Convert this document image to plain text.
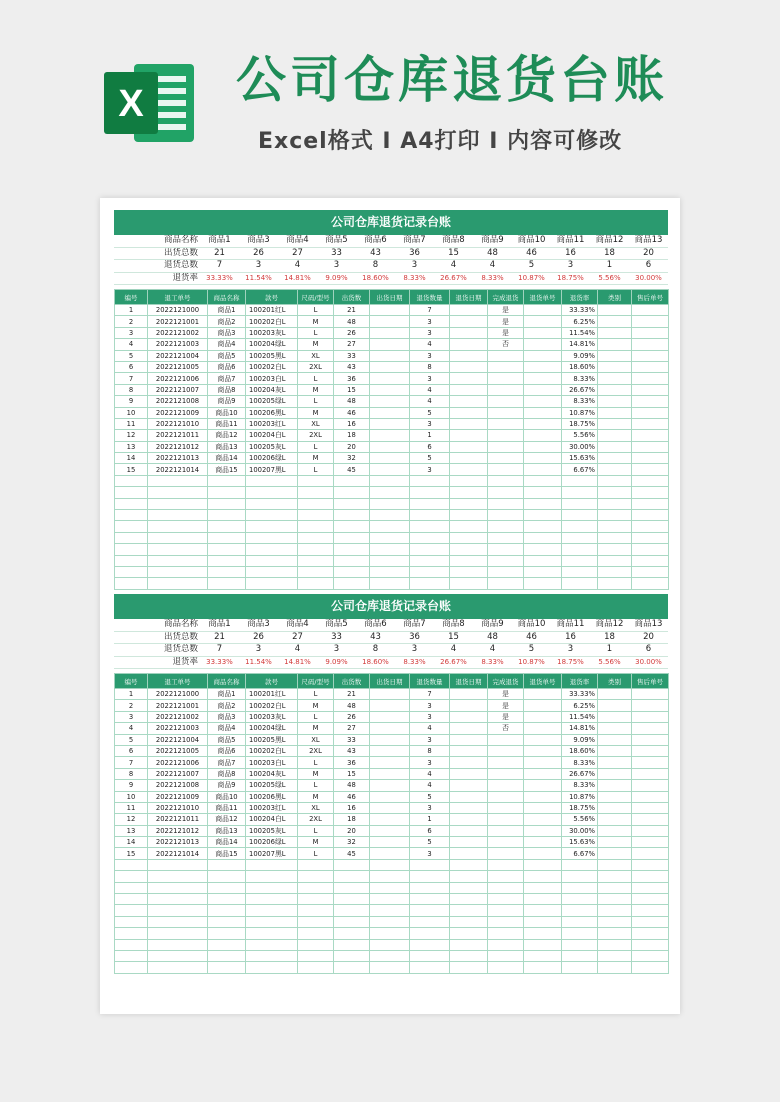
X 公司仓库退货台账
Excel格式 I A4打印 I 内容可修改
公司仓库退货记录台账
商品名称	商品1	商品3	商品4	商品5	商品6	商品7	商品8	商品9	商品10	商品11	商品12	商品13
出货总数	21	26	27	33	43	36	15	48	46	16	18	20
退货总数	7	3	4	3	8	3	4	4	5	3	1	6
退货率	33.33%	11.54%	14.81%	9.09%	18.60%	8.33%	26.67%	8.33%	10.87%	18.75%	5.56%	30.00%
编号	退工单号	商品名称	款号	尺码/型号	出货数	出货日期	退货数量	退货日期	完成退货	退货单号	退货率	类别	售后单号
1	2022121000	商品1	100201红L	L	21		7		是		33.33%		
2	2022121001	商品2	100202白L	M	48		3		是		6.25%		
3	2022121002	商品3	100203灰L	L	26		3		是		11.54%		
4	2022121003	商品4	100204绿L	M	27		4		否		14.81%		
5	2022121004	商品5	100205黑L	XL	33		3				9.09%		
6	2022121005	商品6	100202白L	2XL	43		8				18.60%		
7	2022121006	商品7	100203白L	L	36		3				8.33%		
8	2022121007	商品8	100204灰L	M	15		4				26.67%		
9	2022121008	商品9	100205绿L	L	48		4				8.33%		
10	2022121009	商品10	100206黑L	M	46		5				10.87%		
11	2022121010	商品11	100203红L	XL	16		3				18.75%		
12	2022121011	商品12	100204白L	2XL	18		1				5.56%		
13	2022121012	商品13	100205灰L	L	20		6				30.00%		
14	2022121013	商品14	100206绿L	M	32		5				15.63%		
15	2022121014	商品15	100207黑L	L	45		3				6.67%		

公司仓库退货记录台账
商品名称	商品1	商品3	商品4	商品5	商品6	商品7	商品8	商品9	商品10	商品11	商品12	商品13
出货总数	21	26	27	33	43	36	15	48	46	16	18	20
退货总数	7	3	4	3	8	3	4	4	5	3	1	6
退货率	33.33%	11.54%	14.81%	9.09%	18.60%	8.33%	26.67%	8.33%	10.87%	18.75%	5.56%	30.00%
编号	退工单号	商品名称	款号	尺码/型号	出货数	出货日期	退货数量	退货日期	完成退货	退货单号	退货率	类别	售后单号
1	2022121000	商品1	100201红L	L	21		7		是		33.33%		
2	2022121001	商品2	100202白L	M	48		3		是		6.25%		
3	2022121002	商品3	100203灰L	L	26		3		是		11.54%		
4	2022121003	商品4	100204绿L	M	27		4		否		14.81%		
5	2022121004	商品5	100205黑L	XL	33		3				9.09%		
6	2022121005	商品6	100202白L	2XL	43		8				18.60%		
7	2022121006	商品7	100203白L	L	36		3				8.33%		
8	2022121007	商品8	100204灰L	M	15		4				26.67%		
9	2022121008	商品9	100205绿L	L	48		4				8.33%		
10	2022121009	商品10	100206黑L	M	46		5				10.87%		
11	2022121010	商品11	100203红L	XL	16		3				18.75%		
12	2022121011	商品12	100204白L	2XL	18		1				5.56%		
13	2022121012	商品13	100205灰L	L	20		6				30.00%		
14	2022121013	商品14	100206绿L	M	32		5				15.63%		
15	2022121014	商品15	100207黑L	L	45		3				6.67%		
